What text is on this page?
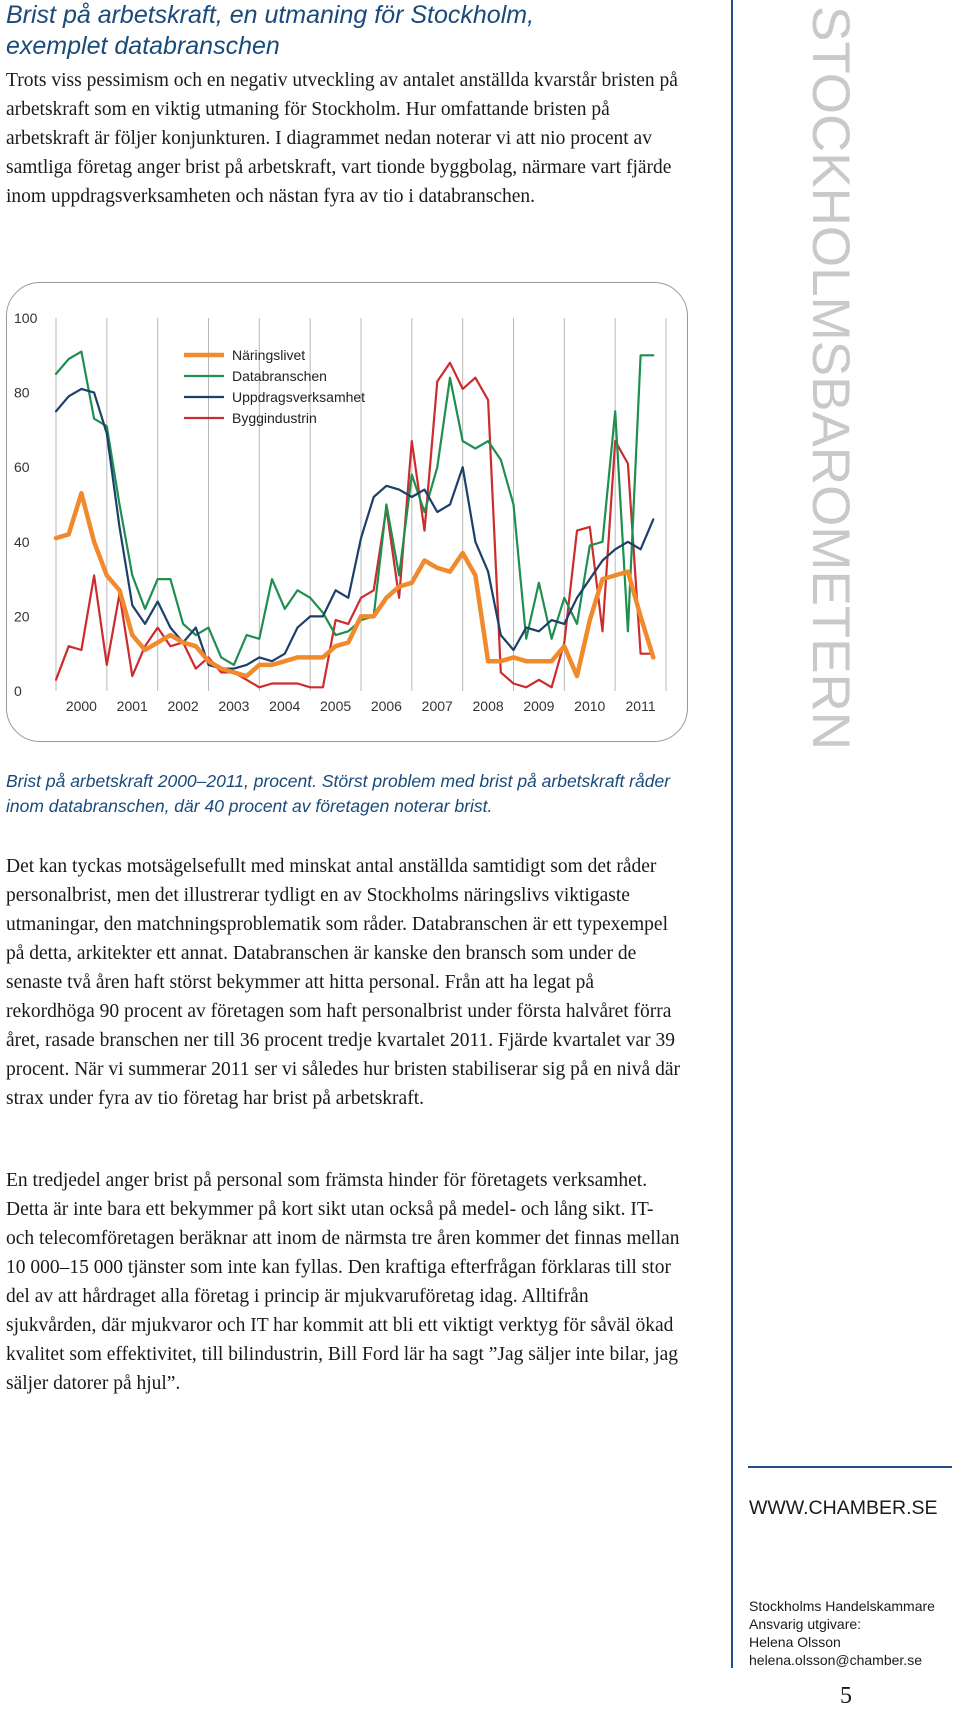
Brist på arbetskraft, en utmaning för Stockholm,
exemplet databranschen

Trots viss pessimism och en negativ utveckling av antalet anställda kvarstår bristen på arbetskraft som en viktig utmaning för Stockholm. Hur omfattande bristen på arbetskraft är följer konjunkturen. I diagrammet nedan noterar vi att nio procent av samtliga företag anger brist på arbetskraft, vart tionde byggbolag, närmare vart fjärde inom uppdragsverksamheten och nästan fyra av tio i databranschen.

0
20
40
60
80
100
2000 2001 2002 2003 2004 2005 2006 2007 2008 2009 2010 2011
Näringslivet
Databranschen
Uppdragsverksamhet
Byggindustrin

Brist på arbetskraft 2000–2011, procent. Störst problem med brist på arbetskraft råder inom databranschen, där 40 procent av företagen noterar brist.

Det kan tyckas motsägelsefullt med minskat antal anställda samtidigt som det råder personalbrist, men det illustrerar tydligt en av Stockholms näringslivs viktigaste utmaningar, den matchningsproblematik som råder. Databranschen är ett typexempel på detta, arkitekter ett annat. Databranschen är kanske den bransch som under de senaste två åren haft störst bekymmer att hitta personal. Från att ha legat på rekordhöga 90 procent av företagen som haft personalbrist under första halvåret förra året, rasade branschen ner till 36 procent tredje kvartalet 2011. Fjärde kvartalet var 39 procent. När vi summerar 2011 ser vi således hur bristen stabiliserar sig på en nivå där strax under fyra av tio företag har brist på arbetskraft.

En tredjedel anger brist på personal som främsta hinder för företagets verksamhet. Detta är inte bara ett bekymmer på kort sikt utan också på medel- och lång sikt. IT- och telecomföretagen beräknar att inom de närmsta tre åren kommer det finnas mellan 10 000–15 000 tjänster som inte kan fyllas. Den kraftiga efterfrågan förklaras till stor del av att hårdraget alla företag i princip är mjukvaruföretag idag. Alltifrån sjukvården, där mjukvaror och IT har kommit att bli ett viktigt verktyg för såväl ökad kvalitet som effektivitet, till bilindustrin, Bill Ford lär ha sagt ”Jag säljer inte bilar, jag säljer datorer på hjul”.

STOCKHOLMSBAROMETERN
WWW.CHAMBER.SE
Stockholms Handelskammare
Ansvarig utgivare:
Helena Olsson
helena.olsson@chamber.se
5
